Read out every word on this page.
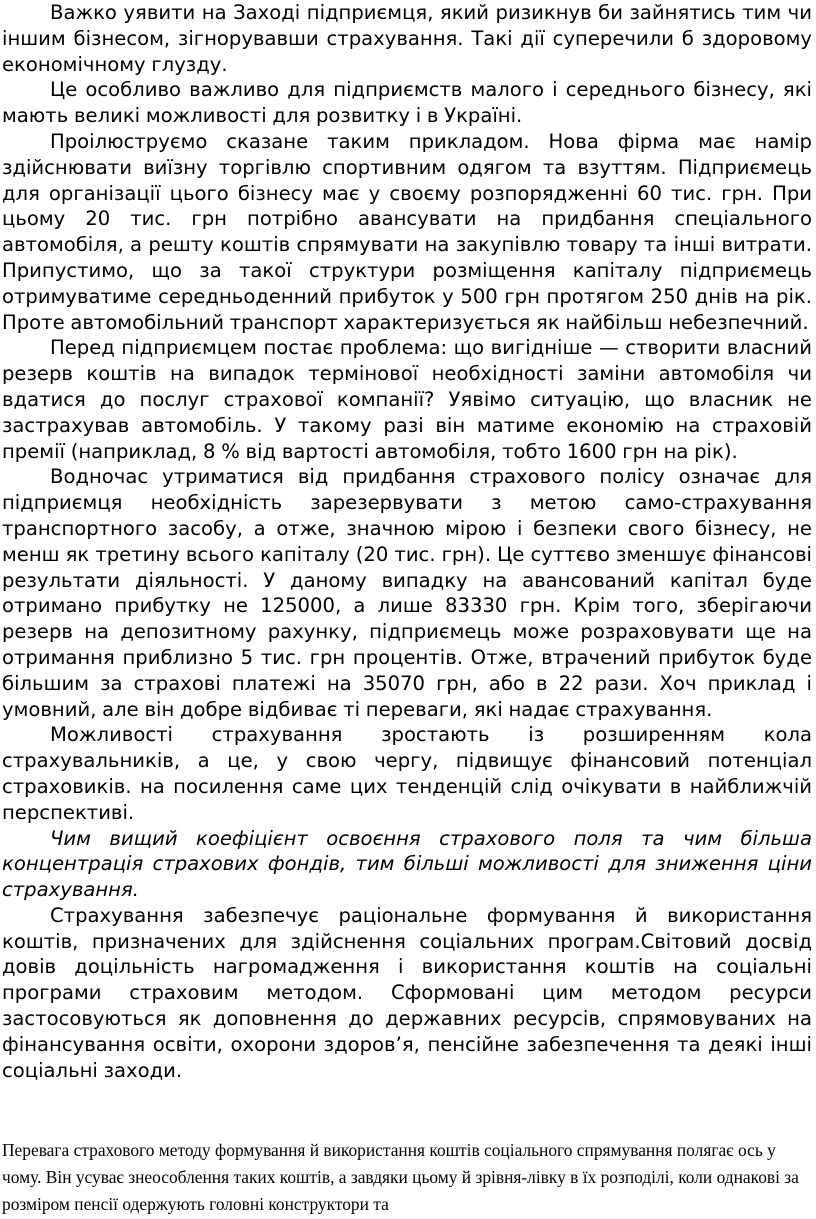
Важко уявити на Заході підприємця, який ризикнув би зайнятись тим чи іншим бізнесом, зігнорувавши страхування. Такі дії суперечили б здоровому економічному глузду.

Це особливо важливо для підприємств малого і середнього бізнесу, які мають великі можливості для розвитку і в Україні.

Проілюструємо сказане таким прикладом. Нова фірма має намір здійснювати виїзну торгівлю спортивним одягом та взуттям. Підприємець для організації цього бізнесу має у своєму розпорядженні 60 тис. грн. При цьому 20 тис. грн потрібно авансувати на придбання спеціального автомобіля, а решту коштів спрямувати на закупівлю товару та інші витрати. Припустимо, що за такої структури розміщення капіталу підприємець отримуватиме середньоденний прибуток у 500 грн протягом 250 днів на рік. Проте автомобільний транспорт характеризується як найбільш небезпечний.

Перед підприємцем постає проблема: що вигідніше — створити власний резерв коштів на випадок термінової необхідності заміни автомобіля чи вдатися до послуг страхової компанії? Уявімо ситуацію, що власник не застрахував автомобіль. У такому разі він матиме економію на страховій премії (наприклад, 8 % від вартості автомобіля, тобто 1600 грн на рік).

Водночас утриматися від придбання страхового полісу означає для підприємця необхідність зарезервувати з метою само-страхування транспортного засобу, а отже, значною мірою і безпеки свого бізнесу, не менш як третину всього капіталу (20 тис. грн). Це суттєво зменшує фінансові результати діяльності. У даному випадку на авансований капітал буде отримано прибутку не 125000, а лише 83330 грн. Крім того, зберігаючи резерв на депозитному рахунку, підприємець може розраховувати ще на отримання приблизно 5 тис. грн процентів. Отже, втрачений прибуток буде більшим за страхові платежі на 35070 грн, або в 22 рази. Хоч приклад і умовний, але він добре відбиває ті переваги, які надає страхування.

Можливості страхування зростають із розширенням кола страхувальників, а це, у свою чергу, підвищує фінансовий потенціал страховиків. на посилення саме цих тенденцій слід очікувати в найближчій перспективі.

Чим вищий коефіцієнт освоєння страхового поля та чим більша концентрація страхових фондів, тим більші можливості для зниження ціни страхування.

Страхування забезпечує раціональне формування й використання коштів, призначених для здійснення соціальних програм.Світовий досвід довів доцільність нагромадження і використання коштів на соціальні програми страховим методом. Сформовані цим методом ресурси застосовуються як доповнення до державних ресурсів, спрямовуваних на фінансування освіти, охорони здоров’я, пенсійне забезпечення та деякі інші соціальні заходи.

Перевага страхового методу формування й використання коштів соціального спрямування полягає ось у чому. Він усуває знеособлення таких коштів, а завдяки цьому й зрівня-лівку в їх розподілі, коли однакові за розміром пенсії одержують головні конструктори та
